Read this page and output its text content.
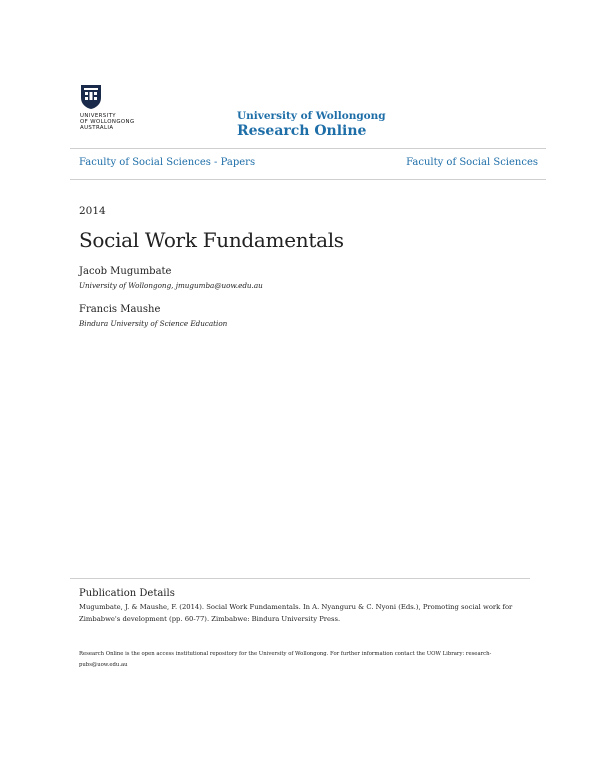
UNIVERSITY
OF WOLLONGONG
AUSTRALIA
University of Wollongong
Research Online
Faculty of Social Sciences - Papers	Faculty of Social Sciences
2014
Social Work Fundamentals
Jacob Mugumbate
University of Wollongong, jmugumba@uow.edu.au
Francis Maushe
Bindura University of Science Education
Publication Details
Mugumbate, J. & Maushe, F. (2014). Social Work Fundamentals. In A. Nyanguru & C. Nyoni (Eds.), Promoting social work for Zimbabwe's development (pp. 60-77). Zimbabwe: Bindura University Press.
Research Online is the open access institutional repository for the University of Wollongong. For further information contact the UOW Library: research-pubs@uow.edu.au
